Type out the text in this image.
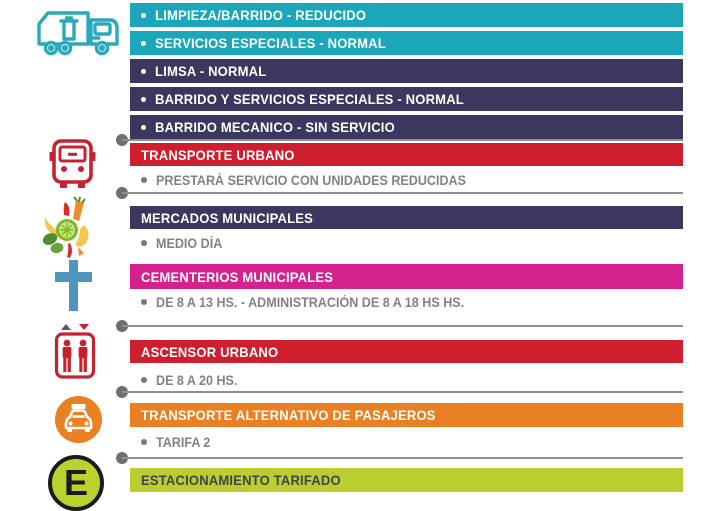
E
LIMPIEZA/BARRIDO - REDUCIDO
SERVICIOS ESPECIALES - NORMAL
LIMSA - NORMAL
BARRIDO Y SERVICIOS ESPECIALES - NORMAL
BARRIDO MECANICO - SIN SERVICIO
TRANSPORTE URBANO
PRESTARÁ SERVICIO CON UNIDADES REDUCIDAS
MERCADOS MUNICIPALES
MEDIO DÍA
CEMENTERIOS MUNICIPALES
DE 8 A 13 HS. - ADMINISTRACIÓN DE 8 A 18 HS HS.
ASCENSOR URBANO
DE 8 A 20 HS.
TRANSPORTE ALTERNATIVO DE PASAJEROS
TARIFA 2
ESTACIONAMIENTO TARIFADO
